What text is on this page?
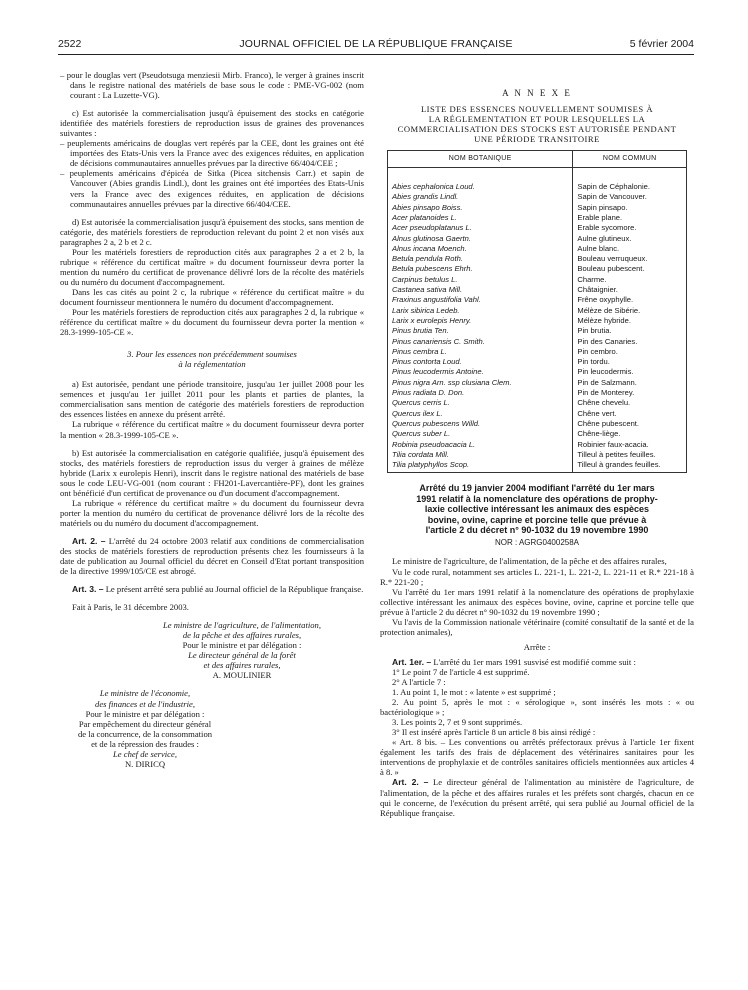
2522	JOURNAL OFFICIEL DE LA RÉPUBLIQUE FRANÇAISE	5 février 2004

– pour le douglas vert (Pseudotsuga menziesii Mirb. Franco), le verger à graines inscrit dans le registre national des matériels de base sous le code : PME-VG-002 (nom courant : La Luzette-VG).

c) Est autorisée la commercialisation jusqu'à épuisement des stocks en catégorie identifiée des matériels forestiers de reproduction issus de graines des provenances suivantes :

– peuplements américains de douglas vert repérés par la CEE, dont les graines ont été importées des Etats-Unis vers la France avec des exigences réduites, en application de décisions communautaires annuelles prévues par la directive 66/404/CEE ;

– peuplements américains d'épicéa de Sitka (Picea sitchensis Carr.) et sapin de Vancouver (Abies grandis Lindl.), dont les graines ont été importées des Etats-Unis vers la France avec des exigences réduites, en application de décisions communautaires annuelles prévues par la directive 66/404/CEE.

d) Est autorisée la commercialisation jusqu'à épuisement des stocks, sans mention de catégorie, des matériels forestiers de reproduction relevant du point 2 et non visés aux paragraphes 2 a, 2 b et 2 c.

Pour les matériels forestiers de reproduction cités aux paragraphes 2 a et 2 b, la rubrique « référence du certificat maître » du document fournisseur devra porter la mention du numéro du certificat de provenance délivré lors de la récolte des matériels ou du numéro du document d'accompagnement.

Dans les cas cités au point 2 c, la rubrique « référence du certificat maître » du document fournisseur mentionnera le numéro du document d'accompagnement.

Pour les matériels forestiers de reproduction cités aux paragraphes 2 d, la rubrique « référence du certificat maître » du document du fournisseur devra porter la mention « 28.3-1999-105-CE ».

3. Pour les essences non précédemment soumises
à la réglementation

a) Est autorisée, pendant une période transitoire, jusqu'au 1er juillet 2008 pour les semences et jusqu'au 1er juillet 2011 pour les plants et parties de plantes, la commercialisation sans mention de catégorie des matériels forestiers de reproduction des essences listées en annexe du présent arrêté.

La rubrique « référence du certificat maître » du document fournisseur devra porter la mention « 28.3-1999-105-CE ».

b) Est autorisée la commercialisation en catégorie qualifiée, jusqu'à épuisement des stocks, des matériels forestiers de reproduction issus du verger à graines de mélèze hybride (Larix x eurolepis Henri), inscrit dans le registre national des matériels de base sous le code LEU-VG-001 (nom courant : FH201-Lavercantière-PF), dont les graines ont bénéficié d'un certificat de provenance ou d'un document d'accompagnement.

La rubrique « référence du certificat maître » du document du fournisseur devra porter la mention du numéro du certificat de provenance délivré lors de la récolte des matériels ou du numéro du document d'accompagnement.

Art. 2. – L'arrêté du 24 octobre 2003 relatif aux conditions de commercialisation des stocks de matériels forestiers de reproduction présents chez les fournisseurs à la date de publication au Journal officiel du décret en Conseil d'Etat portant transposition de la directive 1999/105/CE est abrogé.

Art. 3. – Le présent arrêté sera publié au Journal officiel de la République française.

Fait à Paris, le 31 décembre 2003.

Le ministre de l'agriculture, de l'alimentation,
de la pêche et des affaires rurales,
Pour le ministre et par délégation :
Le directeur général de la forêt
et des affaires rurales,
A. MOULINIER
Le ministre de l'économie,
des finances et de l'industrie,
Pour le ministre et par délégation :
Par empêchement du directeur général
de la concurrence, de la consommation
et de la répression des fraudes :
Le chef de service,
N. DIRICQ
A N N E X E
LISTE DES ESSENCES NOUVELLEMENT SOUMISES À
LA RÉGLEMENTATION ET POUR LESQUELLES LA
COMMERCIALISATION DES STOCKS EST AUTORISÉE PENDANT
UNE PÉRIODE TRANSITOIRE
NOM BOTANIQUE	NOM COMMUN
Abies cephalonica Loud.	Sapin de Céphalonie.
Abies grandis Lindl.	Sapin de Vancouver.
Abies pinsapo Boiss.	Sapin pinsapo.
Acer platanoides L.	Erable plane.
Acer pseudoplatanus L.	Erable sycomore.
Alnus glutinosa Gaertn.	Aulne glutineux.
Alnus incana Moench.	Aulne blanc.
Betula pendula Roth.	Bouleau verruqueux.
Betula pubescens Ehrh.	Bouleau pubescent.
Carpinus betulus L.	Charme.
Castanea sativa Mill.	Châtaignier.
Fraxinus angustifolia Vahl.	Frêne oxyphylle.
Larix sibirica Ledeb.	Mélèze de Sibérie.
Larix x eurolepis Henry.	Mélèze hybride.
Pinus brutia Ten.	Pin brutia.
Pinus canariensis C. Smith.	Pin des Canaries.
Pinus cembra L.	Pin cembro.
Pinus contorta Loud.	Pin tordu.
Pinus leucodermis Antoine.	Pin leucodermis.
Pinus nigra Arn. ssp clusiana Clem.	Pin de Salzmann.
Pinus radiata D. Don.	Pin de Monterey.
Quercus cerris L.	Chêne chevelu.
Quercus ilex L.	Chêne vert.
Quercus pubescens Willd.	Chêne pubescent.
Quercus suber L.	Chêne-liège.
Robinia pseudoacacia L.	Robinier faux-acacia.
Tilia cordata Mill.	Tilleul à petites feuilles.
Tilia platyphyllos Scop.	Tilleul à grandes feuilles.
Arrêté du 19 janvier 2004 modifiant l'arrêté du 1er mars
1991 relatif à la nomenclature des opérations de prophy-
laxie collective intéressant les animaux des espèces
bovine, ovine, caprine et porcine telle que prévue à
l'article 2 du décret n° 90-1032 du 19 novembre 1990
NOR : AGRG0400258A

Le ministre de l'agriculture, de l'alimentation, de la pêche et des affaires rurales,

Vu le code rural, notamment ses articles L. 221-1, L. 221-2, L. 221-11 et R.* 221-18 à R.* 221-20 ;

Vu l'arrêté du 1er mars 1991 relatif à la nomenclature des opérations de prophylaxie collective intéressant les animaux des espèces bovine, ovine, caprine et porcine telle que prévue à l'article 2 du décret n° 90-1032 du 19 novembre 1990 ;

Vu l'avis de la Commission nationale vétérinaire (comité consultatif de la santé et de la protection animales),

Arrête :

Art. 1er. – L'arrêté du 1er mars 1991 susvisé est modifié comme suit :

1° Le point 7 de l'article 4 est supprimé.

2° A l'article 7 :

1. Au point 1, le mot : « latente » est supprimé ;

2. Au point 5, après le mot : « sérologique », sont insérés les mots : « ou bactériologique » ;

3. Les points 2, 7 et 9 sont supprimés.

3° Il est inséré après l'article 8 un article 8 bis ainsi rédigé :

« Art. 8 bis. – Les conventions ou arrêtés préfectoraux prévus à l'article 1er fixent également les tarifs des frais de déplacement des vétérinaires sanitaires pour les interventions de prophylaxie et de contrôles sanitaires officiels mentionnées aux articles 4 à 8. »

Art. 2. – Le directeur général de l'alimentation au ministère de l'agriculture, de l'alimentation, de la pêche et des affaires rurales et les préfets sont chargés, chacun en ce qui le concerne, de l'exécution du présent arrêté, qui sera publié au Journal officiel de la République française.
